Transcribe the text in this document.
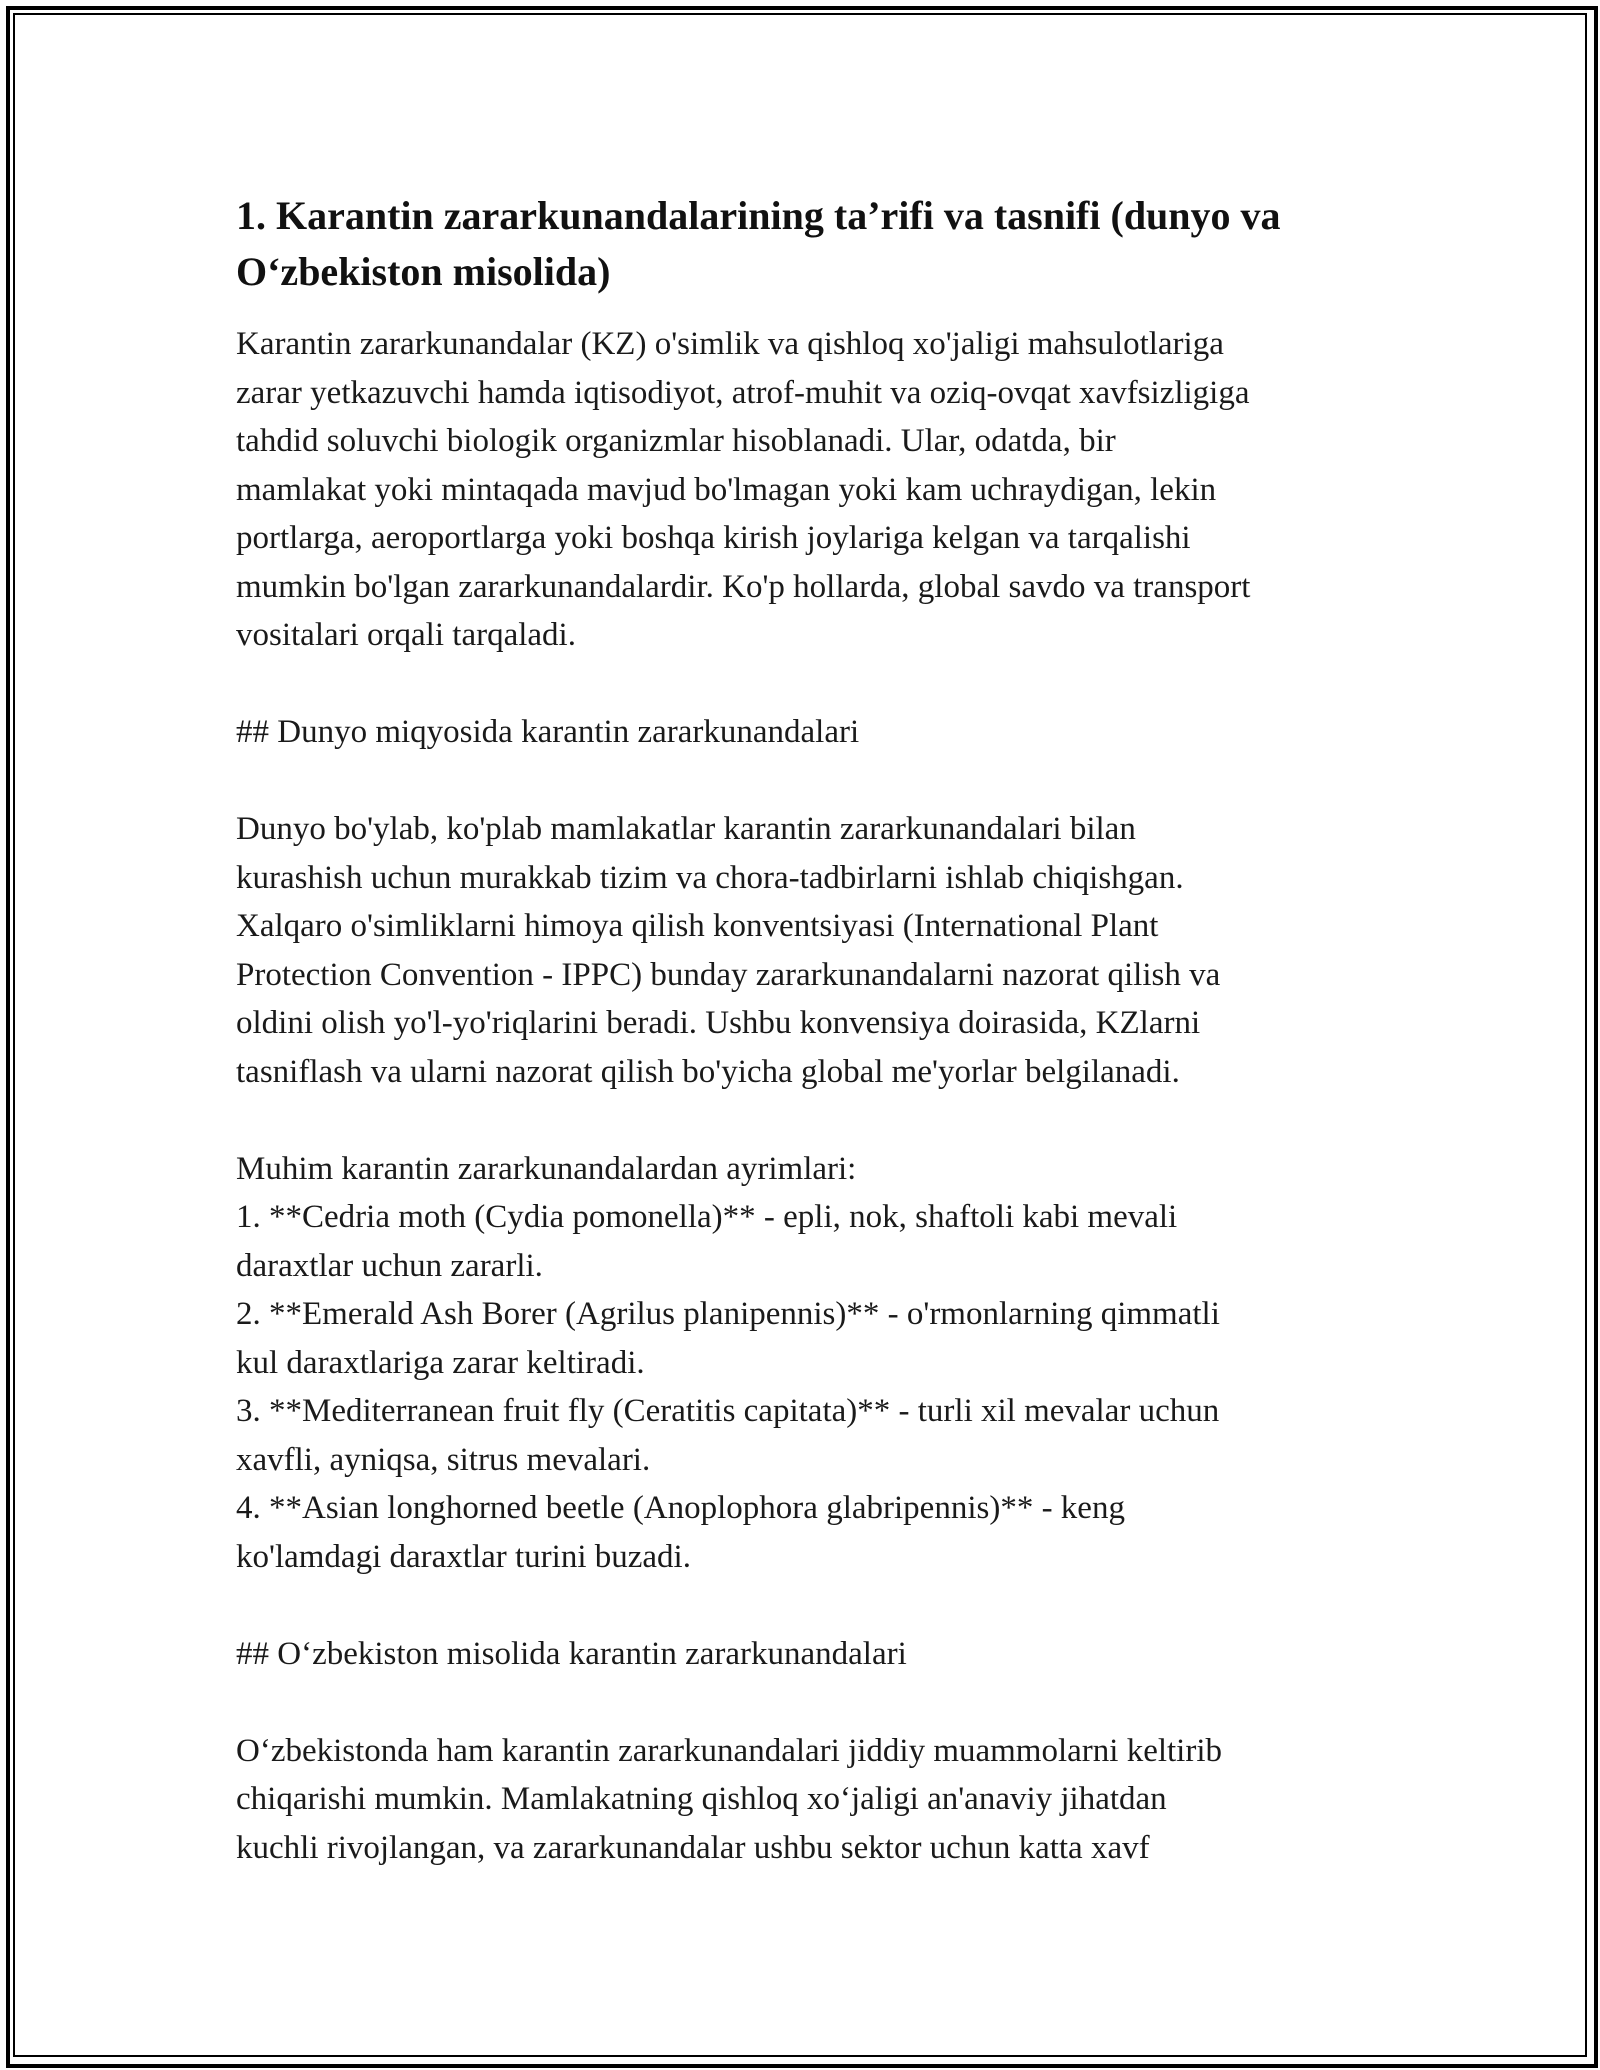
1. Karantin zararkunandalarining ta’rifi va tasnifi (dunyo va
O‘zbekiston misolida)
Karantin zararkunandalar (KZ) o'simlik va qishloq xo'jaligi mahsulotlariga
zarar yetkazuvchi hamda iqtisodiyot, atrof-muhit va oziq-ovqat xavfsizligiga
tahdid soluvchi biologik organizmlar hisoblanadi. Ular, odatda, bir
mamlakat yoki mintaqada mavjud bo'lmagan yoki kam uchraydigan, lekin
portlarga, aeroportlarga yoki boshqa kirish joylariga kelgan va tarqalishi
mumkin bo'lgan zararkunandalardir. Ko'p hollarda, global savdo va transport
vositalari orqali tarqaladi.
## Dunyo miqyosida karantin zararkunandalari
Dunyo bo'ylab, ko'plab mamlakatlar karantin zararkunandalari bilan
kurashish uchun murakkab tizim va chora-tadbirlarni ishlab chiqishgan.
Xalqaro o'simliklarni himoya qilish konventsiyasi (International Plant
Protection Convention - IPPC) bunday zararkunandalarni nazorat qilish va
oldini olish yo'l-yo'riqlarini beradi. Ushbu konvensiya doirasida, KZlarni
tasniflash va ularni nazorat qilish bo'yicha global me'yorlar belgilanadi.
Muhim karantin zararkunandalardan ayrimlari:
1. **Cedria moth (Cydia pomonella)** - epli, nok, shaftoli kabi mevali
daraxtlar uchun zararli.
2. **Emerald Ash Borer (Agrilus planipennis)** - o'rmonlarning qimmatli
kul daraxtlariga zarar keltiradi.
3. **Mediterranean fruit fly (Ceratitis capitata)** - turli xil mevalar uchun
xavfli, ayniqsa, sitrus mevalari.
4. **Asian longhorned beetle (Anoplophora glabripennis)** - keng
ko'lamdagi daraxtlar turini buzadi.
## O‘zbekiston misolida karantin zararkunandalari
O‘zbekistonda ham karantin zararkunandalari jiddiy muammolarni keltirib
chiqarishi mumkin. Mamlakatning qishloq xo‘jaligi an'anaviy jihatdan
kuchli rivojlangan, va zararkunandalar ushbu sektor uchun katta xavf
